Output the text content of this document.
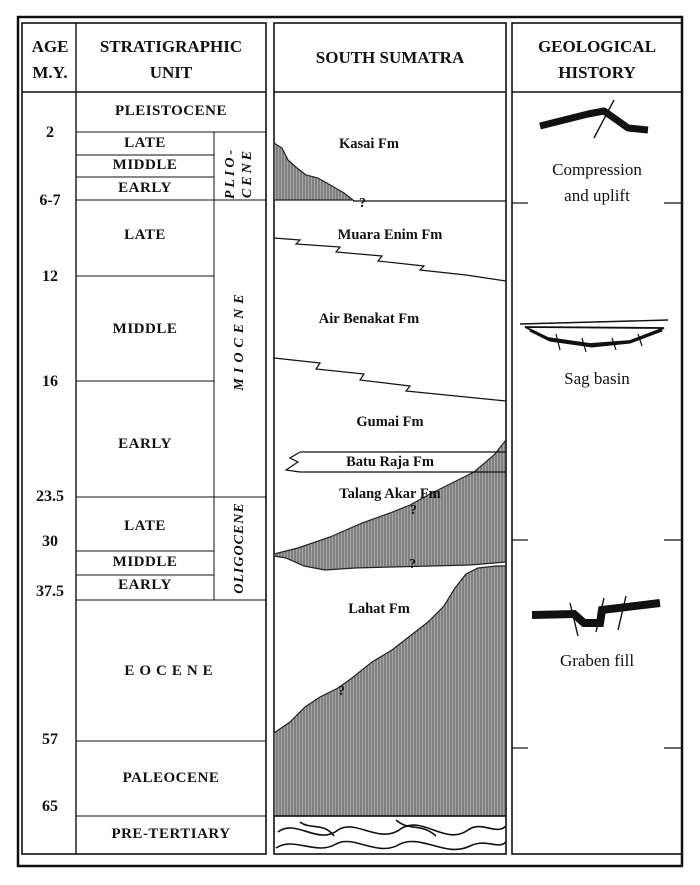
AGE
M.Y.
STRATIGRAPHIC
UNIT
SOUTH SUMATRA
GEOLOGICAL
HISTORY
2
6-7
12
16
23.5
30
37.5
57
65
PLEISTOCENE
LATE
MIDDLE
EARLY	PLIO- CENE
LATE
MIDDLE
EARLY
MIOCENE
LATE
MIDDLE
EARLY	OLIGOCENE
EOCENE
PALEOCENE
PRE-TERTIARY
Kasai Fm
?
Muara Enim Fm
Air Benakat Fm
Gumai Fm
Batu Raja Fm
Talang Akar Fm
?
?
Lahat Fm
?
Compression
and uplift
Sag basin
Graben fill
